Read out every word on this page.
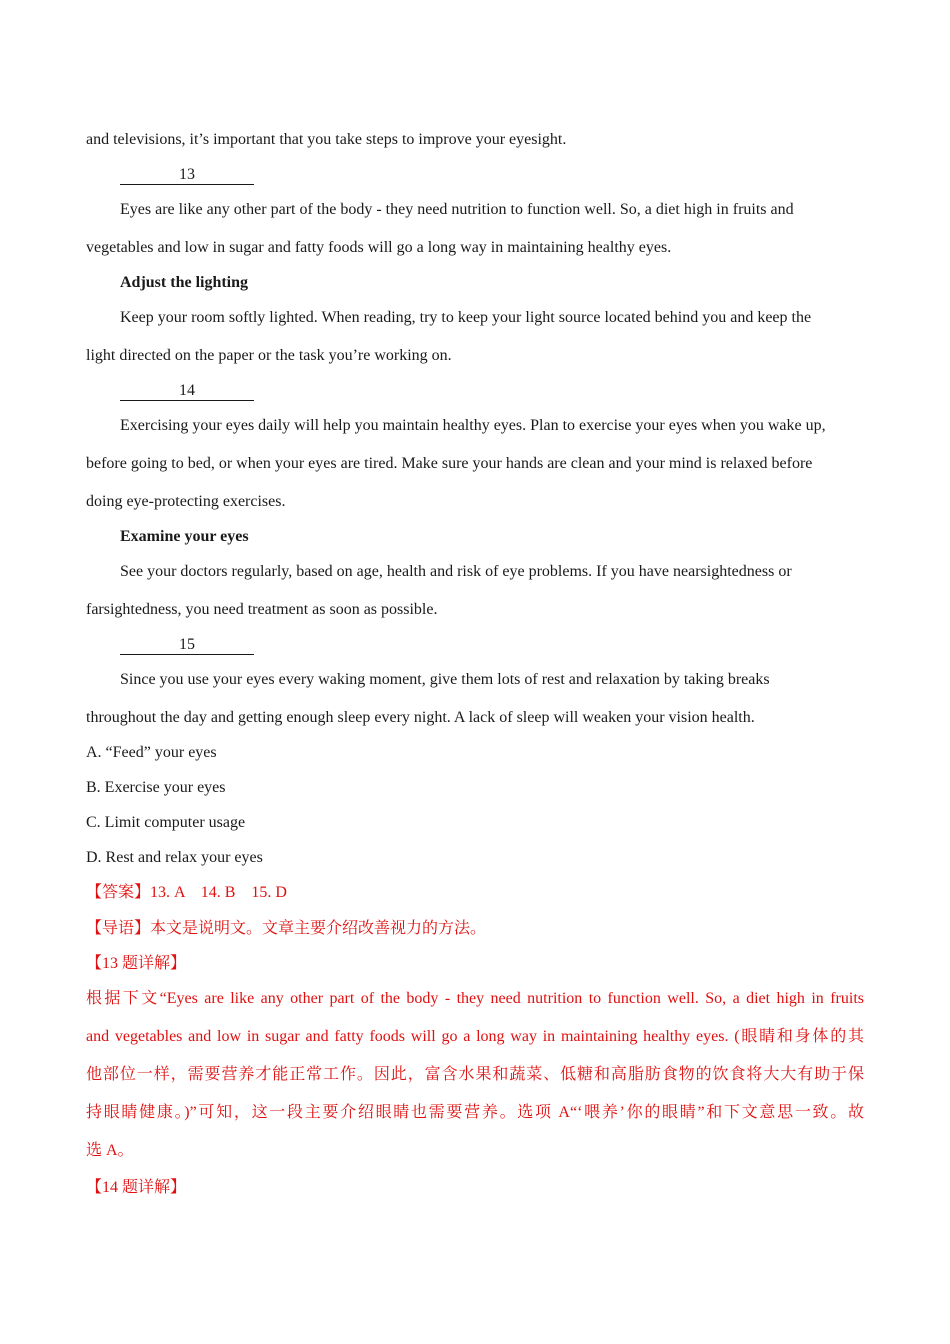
and televisions, it’s important that you take steps to improve your eyesight.
13
Eyes are like any other part of the body - they need nutrition to function well. So, a diet high in fruits and
vegetables and low in sugar and fatty foods will go a long way in maintaining healthy eyes.
Adjust the lighting
Keep your room softly lighted. When reading, try to keep your light source located behind you and keep the
light directed on the paper or the task you’re working on.
14
Exercising your eyes daily will help you maintain healthy eyes. Plan to exercise your eyes when you wake up,
before going to bed, or when your eyes are tired. Make sure your hands are clean and your mind is relaxed before
doing eye-protecting exercises.
Examine your eyes
See your doctors regularly, based on age, health and risk of eye problems. If you have nearsightedness or
farsightedness, you need treatment as soon as possible.
15
Since you use your eyes every waking moment, give them lots of rest and relaxation by taking breaks
throughout the day and getting enough sleep every night. A lack of sleep will weaken your vision health.
A. “Feed” your eyes
B. Exercise your eyes
C. Limit computer usage
D. Rest and relax your eyes
【答案】13. A    14. B    15. D
【导语】本文是说明文。文章主要介绍改善视力的方法。
【13 题详解】
根据下文“Eyes are like any other part of the body - they need nutrition to function well. So, a diet high in fruits
and vegetables and low in sugar and fatty foods will go a long way in maintaining healthy eyes. (眼睛和身体的其
他部位一样，需要营养才能正常工作。因此，富含水果和蔬菜、低糖和高脂肪食物的饮食将大大有助于保
持眼睛健康。)”可知，这一段主要介绍眼睛也需要营养。选项 A“‘喂养’你的眼睛”和下文意思一致。故
选 A。
【14 题详解】
